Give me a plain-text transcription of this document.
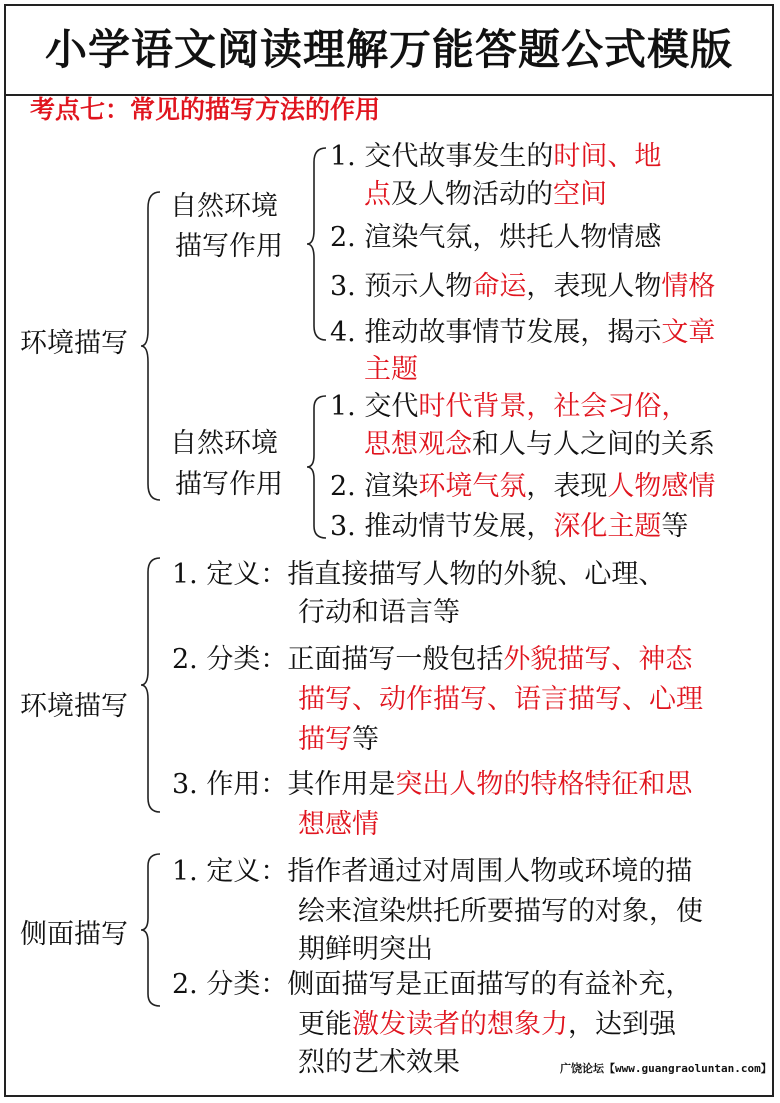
小学语文阅读理解万能答题公式模版
考点七：常见的描写方法的作用
环境描写
自然环境
描写作用
1. 交代故事发生的时间、地
点及人物活动的空间
2. 渲染气氛，烘托人物情感
3. 预示人物命运，表现人物情格
4. 推动故事情节发展，揭示文章
主题
自然环境
描写作用
1. 交代时代背景，社会习俗，
思想观念和人与人之间的关系
2. 渲染环境气氛，表现人物感情
3. 推动情节发展，深化主题等
环境描写
1. 定义：指直接描写人物的外貌、心理、
行动和语言等
2. 分类：正面描写一般包括外貌描写、神态
描写、动作描写、语言描写、心理
描写等
3. 作用：其作用是突出人物的特格特征和思
想感情
侧面描写
1. 定义：指作者通过对周围人物或环境的描
绘来渲染烘托所要描写的对象，使
期鲜明突出
2. 分类：侧面描写是正面描写的有益补充，
更能激发读者的想象力，达到强
烈的艺术效果	广饶论坛【www.guangraoluntan.com】
